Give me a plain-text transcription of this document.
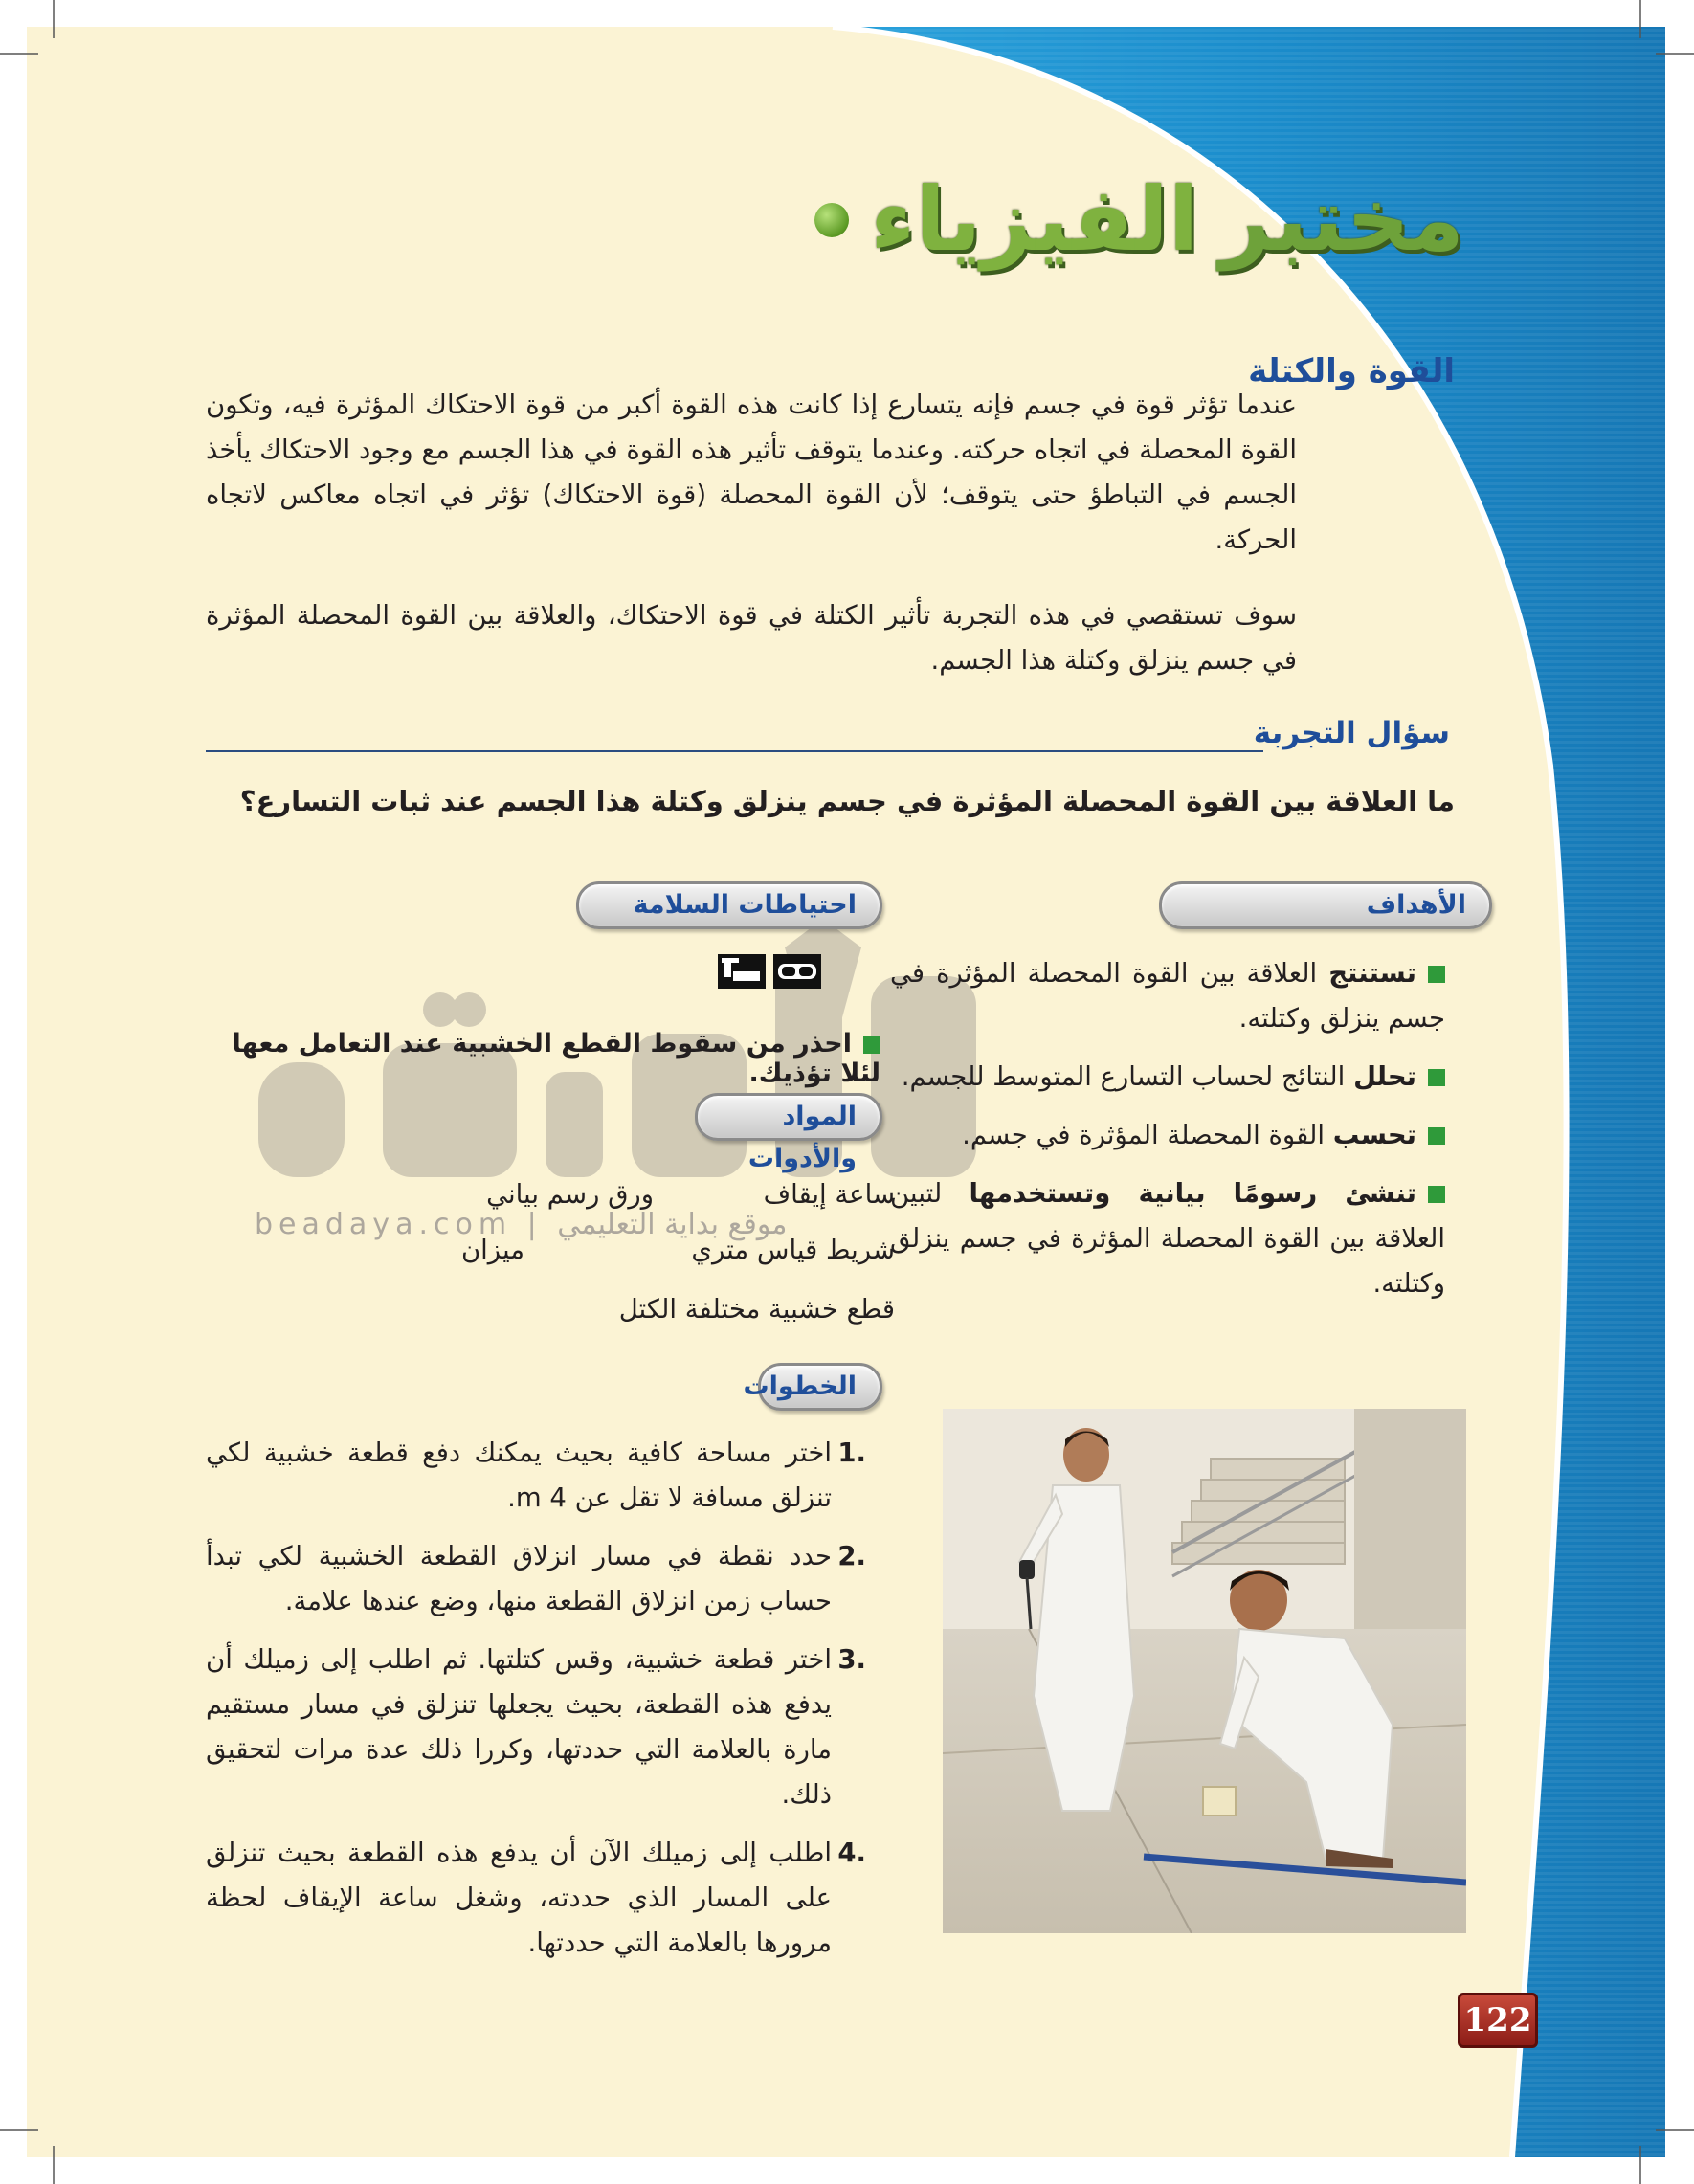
beadaya.com | موقع بداية التعليمي
مختبر
الفيزياء
القوة والكتلة
عندما تؤثر قوة في جسم فإنه يتسارع إذا كانت هذه القوة أكبر من قوة الاحتكاك المؤثرة فيه، وتكون القوة المحصلة في اتجاه حركته. وعندما يتوقف تأثير هذه القوة في هذا الجسم مع وجود الاحتكاك يأخذ الجسم في التباطؤ حتى يتوقف؛ لأن القوة المحصلة (قوة الاحتكاك) تؤثر في اتجاه معاكس لاتجاه الحركة.
سوف تستقصي في هذه التجربة تأثير الكتلة في قوة الاحتكاك، والعلاقة بين القوة المحصلة المؤثرة في جسم ينزلق وكتلة هذا الجسم.
سؤال التجربة
ما العلاقة بين القوة المحصلة المؤثرة في جسم ينزلق وكتلة هذا الجسم عند ثبات التسارع؟
الأهداف
تستنتج العلاقة بين القوة المحصلة المؤثرة في جسم ينزلق وكتلته.
تحلل النتائج لحساب التسارع المتوسط للجسم.
تحسب القوة المحصلة المؤثرة في جسم.
تنشئ رسومًا بيانية وتستخدمها لتبين العلاقة بين القوة المحصلة المؤثرة في جسم ينزلق وكتلته.
احتياطات السلامة
احذر من سقوط القطع الخشبية عند التعامل معها لئلا تؤذيك.
المواد والأدوات
ساعة إيقاف
ورق رسم بياني
شريط قياس متري
ميزان
قطع خشبية مختلفة الكتل
الخطوات
.1
اختر مساحة كافية بحيث يمكنك دفع قطعة خشبية لكي تنزلق مسافة لا تقل عن 4 m.
.2
حدد نقطة في مسار انزلاق القطعة الخشبية لكي تبدأ حساب زمن انزلاق القطعة منها، وضع عندها علامة.
.3
اختر قطعة خشبية، وقس كتلتها. ثم اطلب إلى زميلك أن يدفع هذه القطعة، بحيث يجعلها تنزلق في مسار مستقيم مارة بالعلامة التي حددتها، وكررا ذلك عدة مرات لتحقيق ذلك.
.4
اطلب إلى زميلك الآن أن يدفع هذه القطعة بحيث تنزلق على المسار الذي حددته، وشغل ساعة الإيقاف لحظة مرورها بالعلامة التي حددتها.
122
